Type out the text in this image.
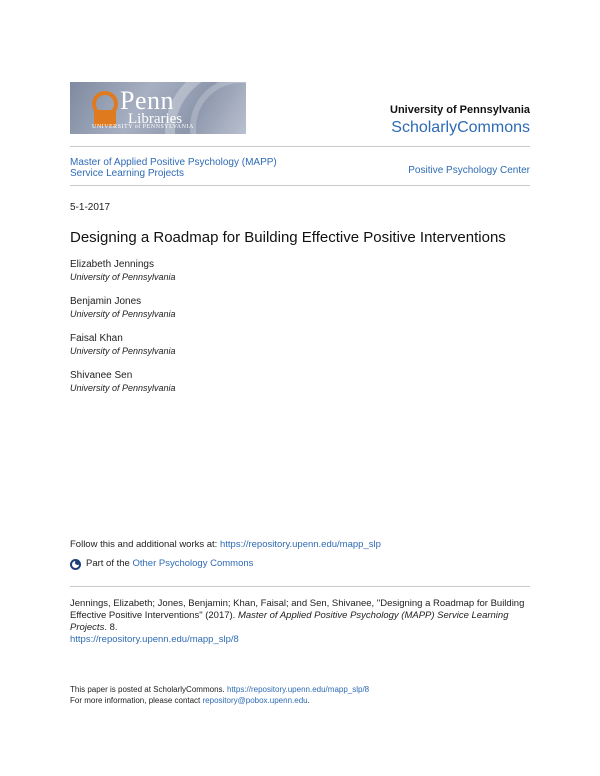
Penn
Libraries
UNIVERSITY of PENNSYLVANIA
University of Pennsylvania
ScholarlyCommons
Master of Applied Positive Psychology (MAPP)
Service Learning Projects	Positive Psychology Center
5-1-2017
Designing a Roadmap for Building Effective Positive Interventions
Elizabeth Jennings
University of Pennsylvania
Benjamin Jones
University of Pennsylvania
Faisal Khan
University of Pennsylvania
Shivanee Sen
University of Pennsylvania
Follow this and additional works at: https://repository.upenn.edu/mapp_slp
Part of the
Other Psychology Commons
Jennings, Elizabeth; Jones, Benjamin; Khan, Faisal; and Sen, Shivanee, "Designing a Roadmap for Building Effective Positive Interventions" (2017). Master of Applied Positive Psychology (MAPP) Service Learning Projects. 8.
https://repository.upenn.edu/mapp_slp/8
This paper is posted at ScholarlyCommons. https://repository.upenn.edu/mapp_slp/8
For more information, please contact repository@pobox.upenn.edu.
